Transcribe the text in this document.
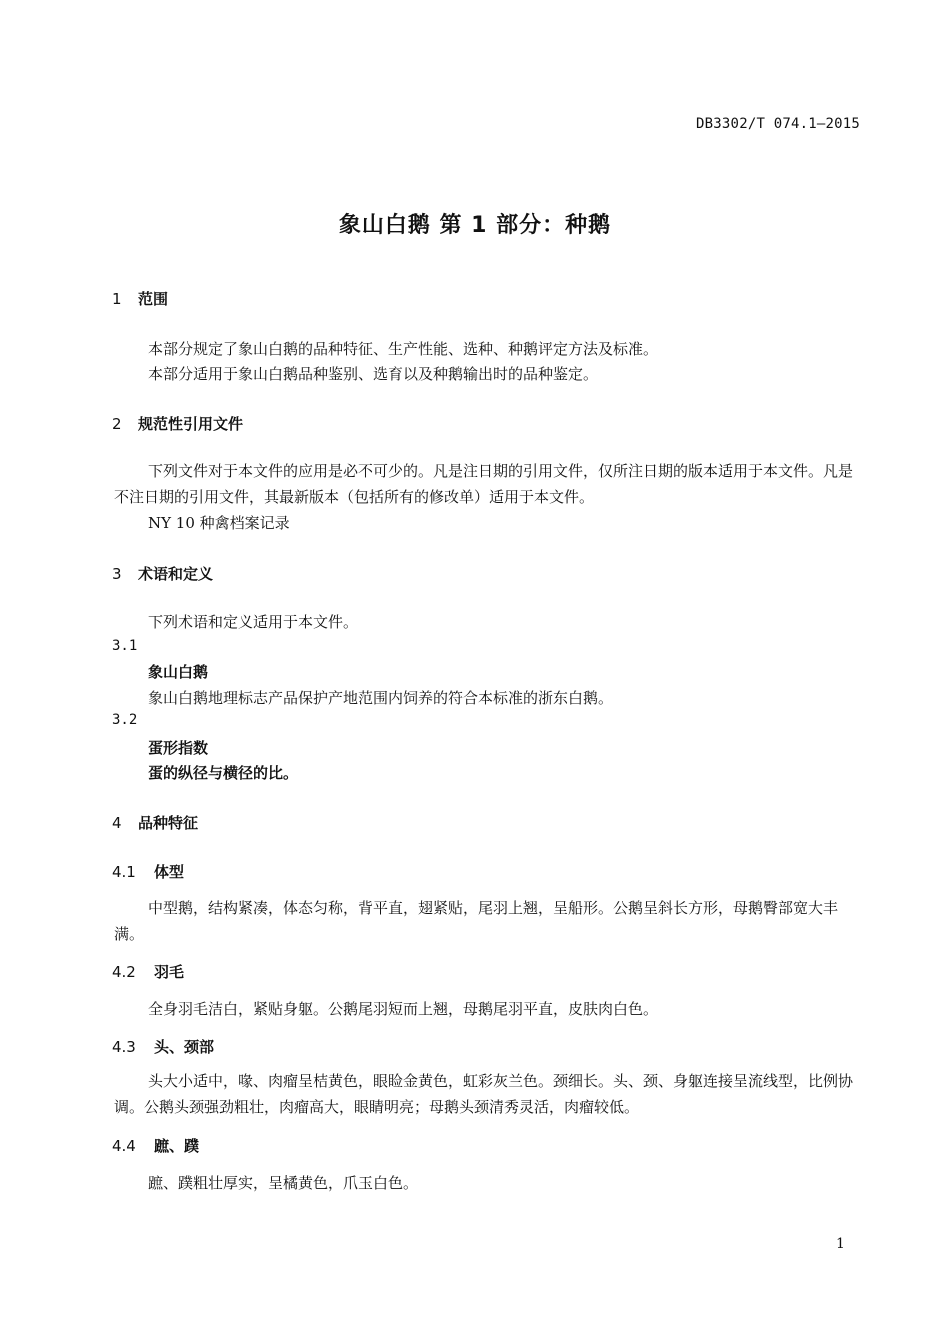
DB3302/T 074.1—2015
象山白鹅 第 1 部分：种鹅
1 范围
本部分规定了象山白鹅的品种特征、生产性能、选种、种鹅评定方法及标准。
本部分适用于象山白鹅品种鉴别、选育以及种鹅输出时的品种鉴定。
2 规范性引用文件
下列文件对于本文件的应用是必不可少的。凡是注日期的引用文件，仅所注日期的版本适用于本文件。凡是不注日期的引用文件，其最新版本（包括所有的修改单）适用于本文件。
NY 10 种禽档案记录
3 术语和定义
下列术语和定义适用于本文件。
3.1
象山白鹅
象山白鹅地理标志产品保护产地范围内饲养的符合本标准的浙东白鹅。
3.2
蛋形指数
蛋的纵径与横径的比。
4 品种特征
4.1 体型
中型鹅，结构紧凑，体态匀称，背平直，翅紧贴，尾羽上翘，呈船形。公鹅呈斜长方形，母鹅臀部宽大丰满。
4.2 羽毛
全身羽毛洁白，紧贴身躯。公鹅尾羽短而上翘，母鹅尾羽平直，皮肤肉白色。
4.3 头、颈部
头大小适中，喙、肉瘤呈桔黄色，眼睑金黄色，虹彩灰兰色。颈细长。头、颈、身躯连接呈流线型，比例协调。公鹅头颈强劲粗壮，肉瘤高大，眼睛明亮；母鹅头颈清秀灵活，肉瘤较低。
4.4 蹠、蹼
蹠、蹼粗壮厚实，呈橘黄色，爪玉白色。
1
